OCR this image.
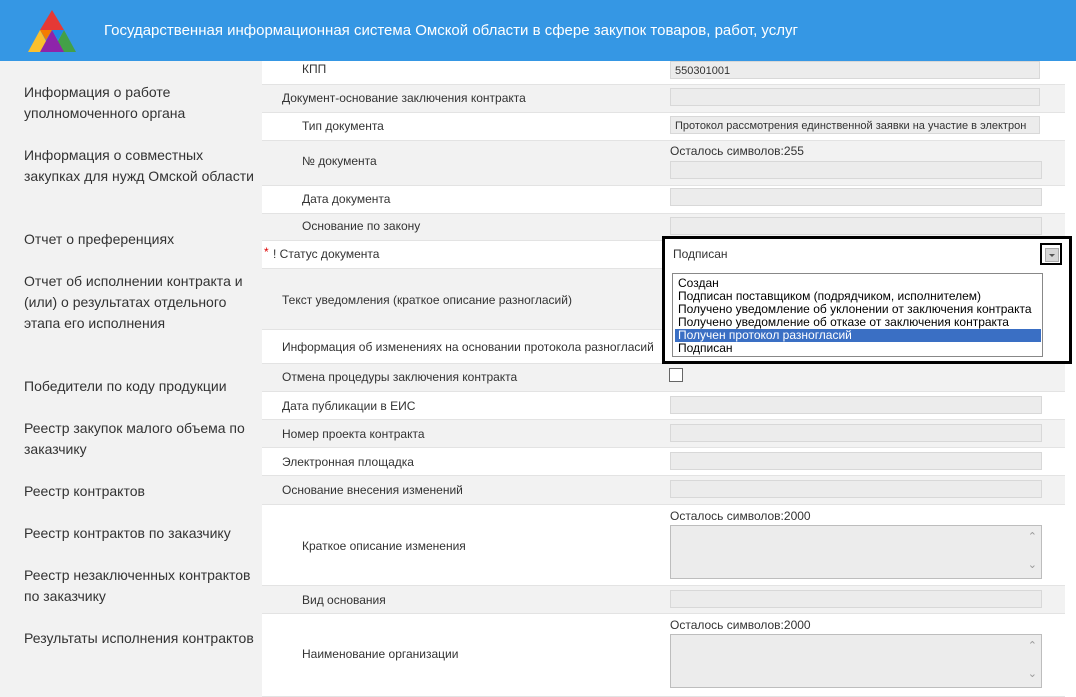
Государственная информационная система Омской области в сфере закупок товаров, работ, услуг
Информация о работе уполномоченного органа
Информация о совместных закупках для нужд Омской области
Отчет о преференциях
Отчет об исполнении контракта и (или) о результатах отдельного этапа его исполнения
Победители по коду продукции
Реестр закупок малого объема по заказчику
Реестр контрактов
Реестр контрактов по заказчику
Реестр незаключенных контрактов по заказчику
Результаты исполнения контрактов
КПП	550301001
Документ-основание заключения контракта
Тип документа	Протокол рассмотрения единственной заявки на участие в электрон
№ документа
Осталось символов:255
Дата документа
Основание по закону
* ! Статус документа
Текст уведомления (краткое описание разногласий)
Информация об изменениях на основании протокола разногласий
Отмена процедуры заключения контракта
Дата публикации в ЕИС
Номер проекта контракта
Электронная площадка
Основание внесения изменений
Краткое описание изменения
Осталось символов:2000
⌃
⌄
Вид основания
Наименование организации
Осталось символов:2000
⌃
⌄
Подписан
Создан
Подписан поставщиком (подрядчиком, исполнителем)
Получено уведомление об уклонении от заключения контракта
Получено уведомление об отказе от заключения контракта
Получен протокол разногласий
Подписан
